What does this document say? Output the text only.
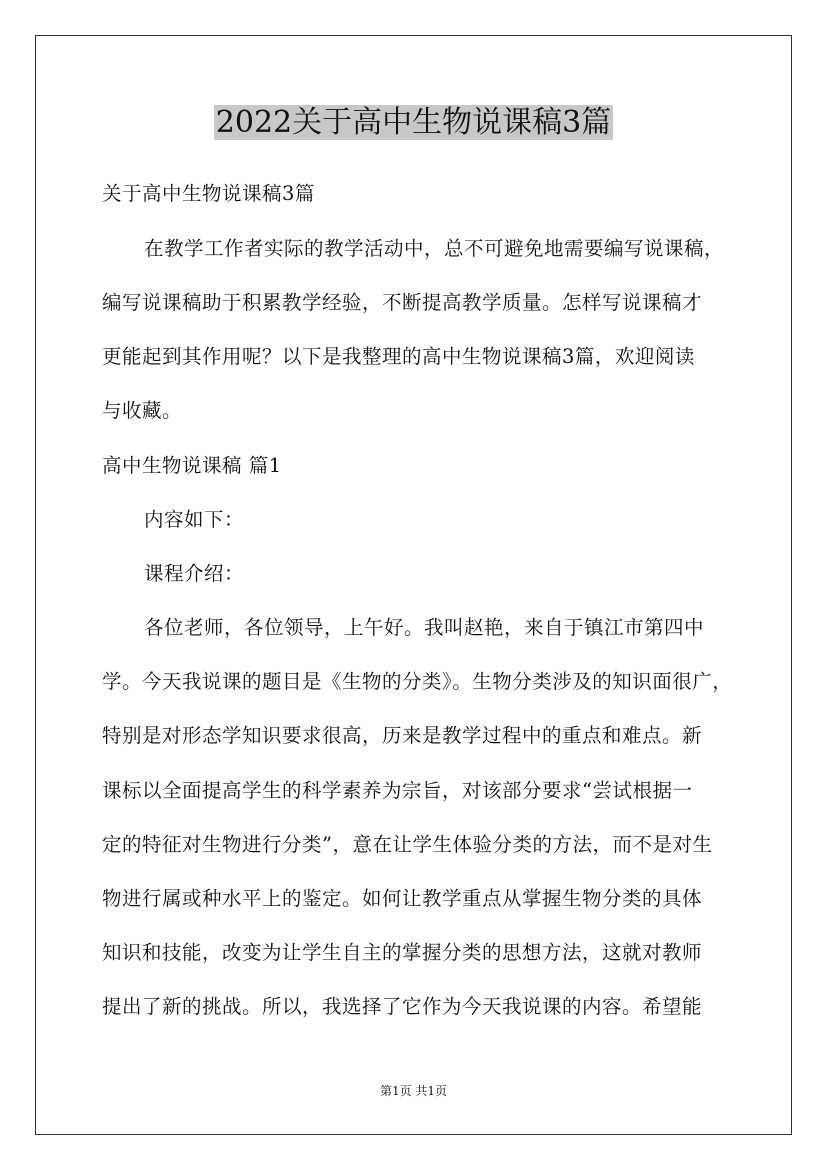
2022关于高中生物说课稿3篇
关于高中生物说课稿3篇
在教学工作者实际的教学活动中，总不可避免地需要编写说课稿，
编写说课稿助于积累教学经验，不断提高教学质量。怎样写说课稿才
更能起到其作用呢？以下是我整理的高中生物说课稿3篇，欢迎阅读
与收藏。
高中生物说课稿 篇1
内容如下：
课程介绍：
各位老师，各位领导，上午好。我叫赵艳，来自于镇江市第四中
学。今天我说课的题目是《生物的分类》。生物分类涉及的知识面很广，
特别是对形态学知识要求很高，历来是教学过程中的重点和难点。新
课标以全面提高学生的科学素养为宗旨，对该部分要求“尝试根据一
定的特征对生物进行分类”，意在让学生体验分类的方法，而不是对生
物进行属或种水平上的鉴定。如何让教学重点从掌握生物分类的具体
知识和技能，改变为让学生自主的掌握分类的思想方法，这就对教师
提出了新的挑战。所以，我选择了它作为今天我说课的内容。希望能
第1页 共1页
